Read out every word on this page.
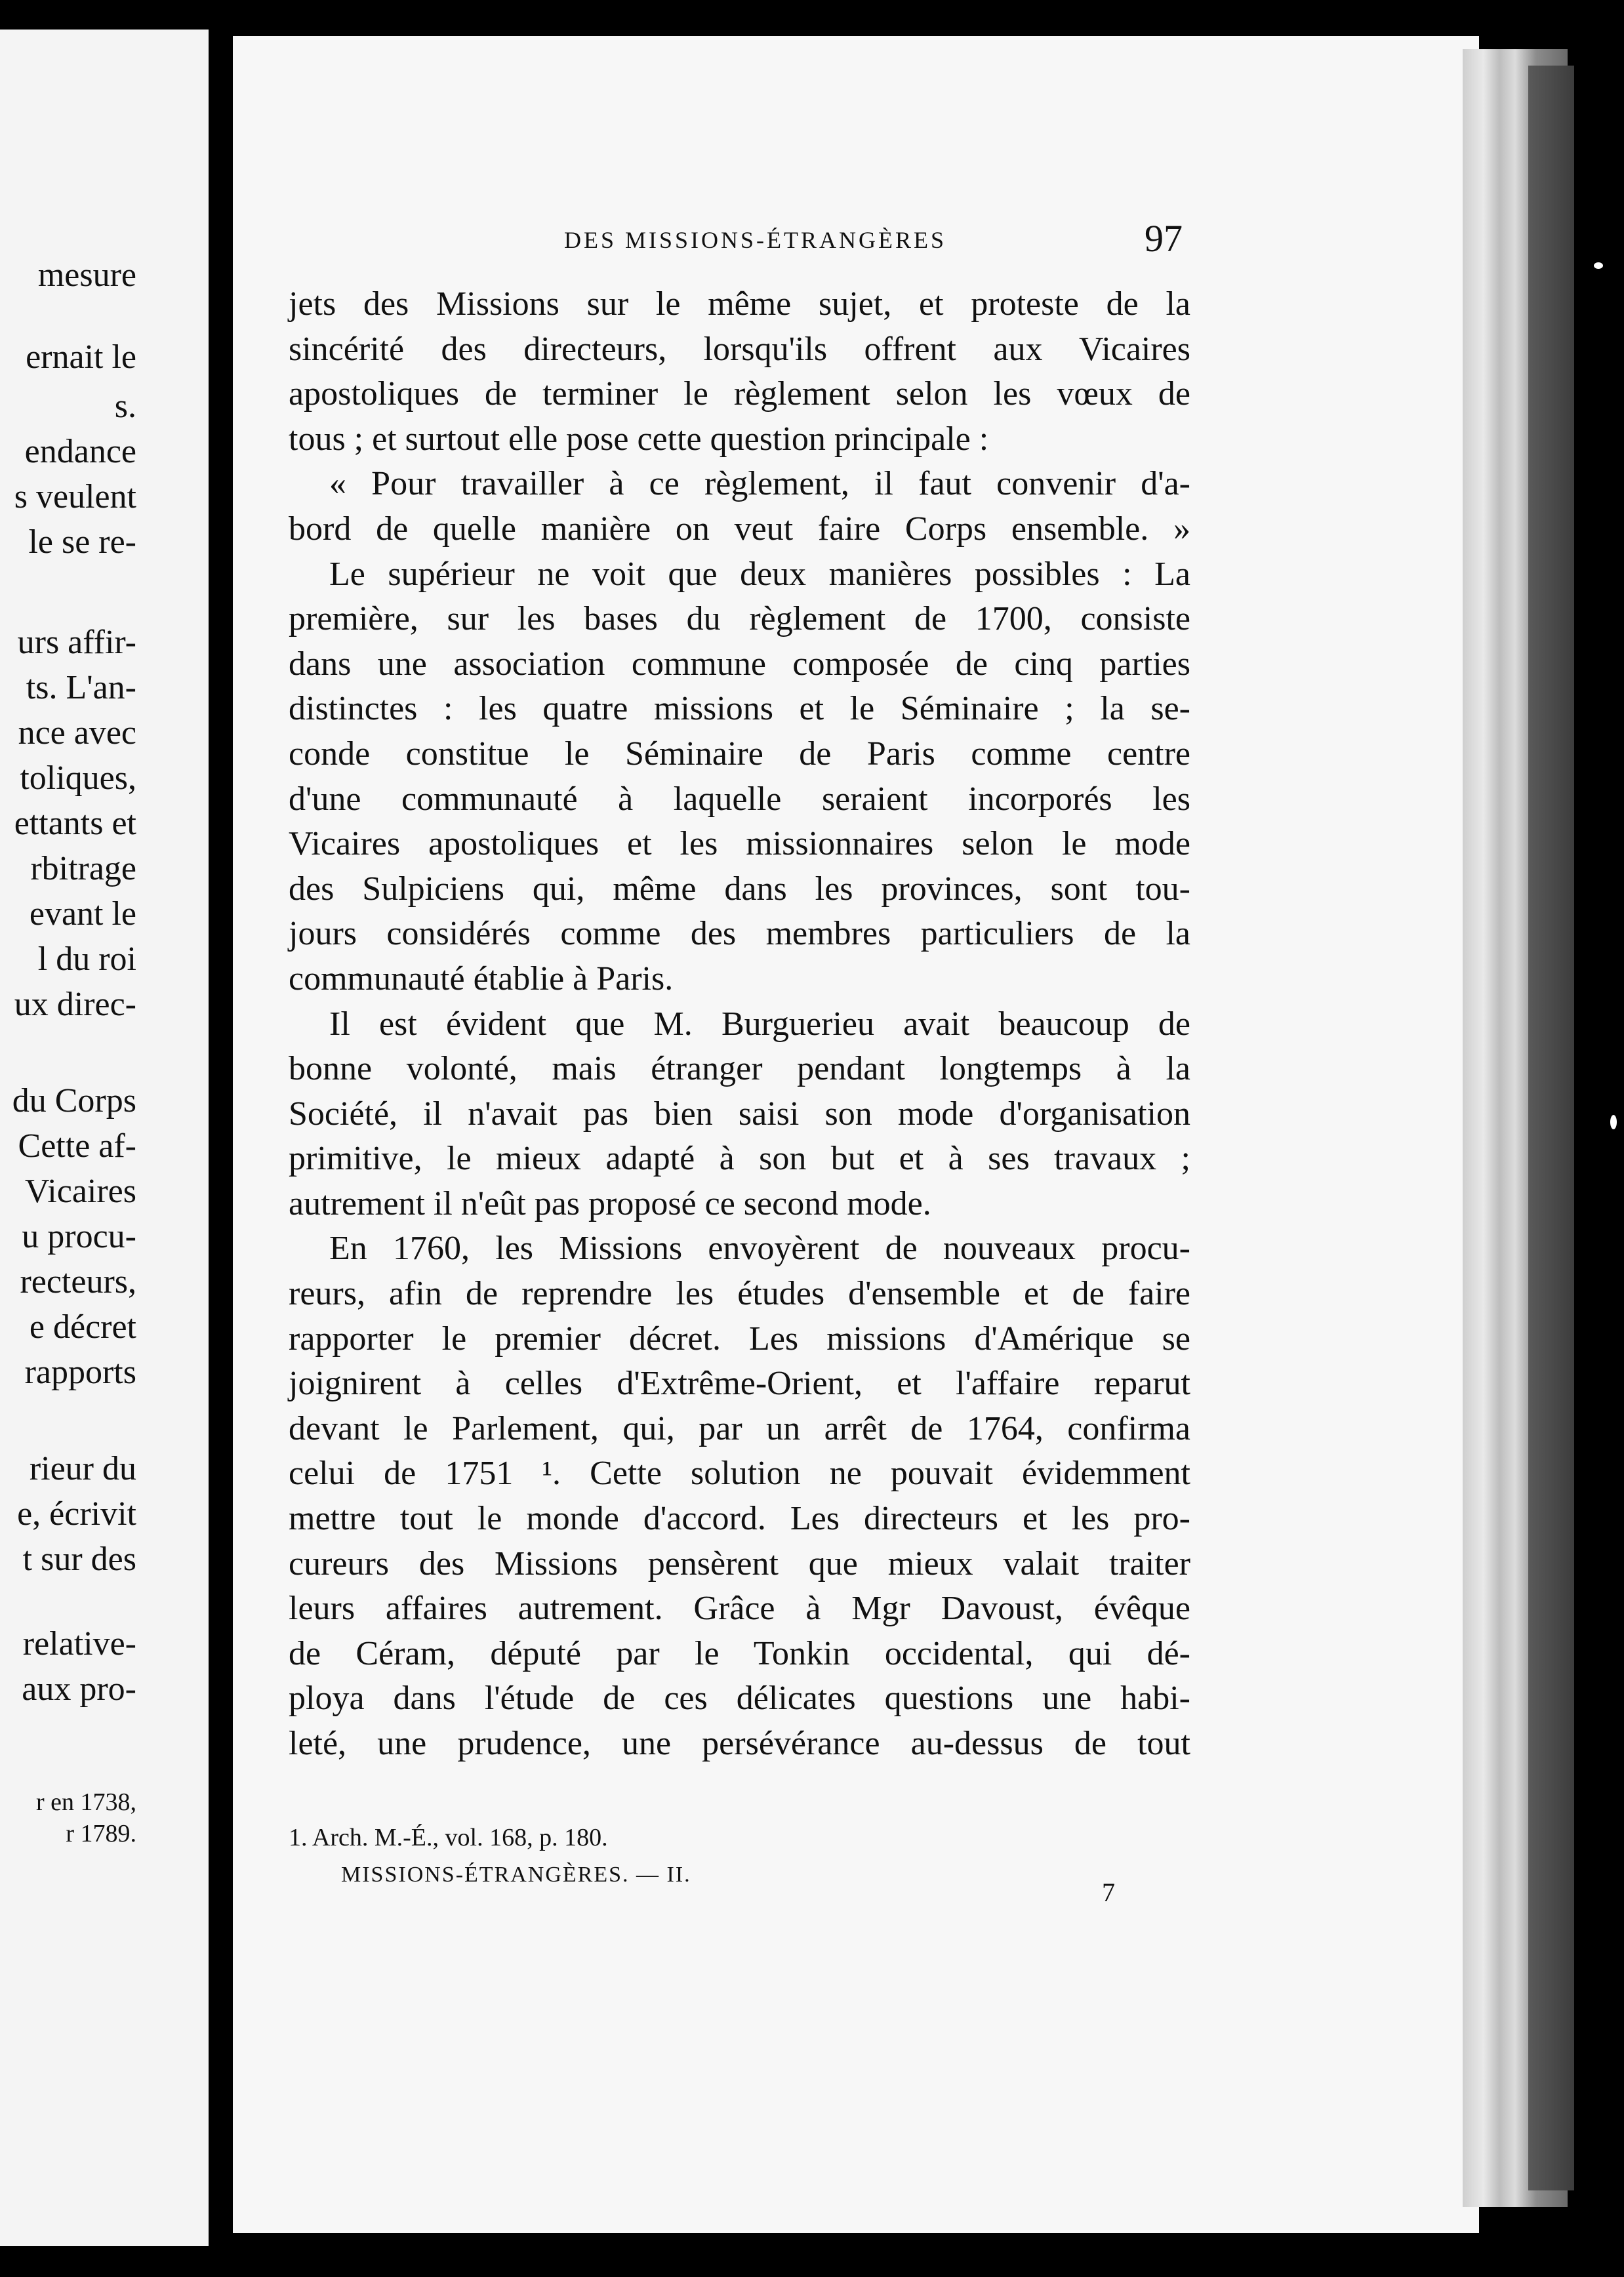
mesure
ernait le
s.
endance
s veulent
le se re-
urs affir-
ts. L'an-
nce avec
toliques,
ettants et
rbitrage
evant le
l du roi
ux direc-
du Corps
Cette af-
Vicaires
u procu-
recteurs,
e décret
rapports
rieur du
e, écrivit
t sur des
relative-
aux pro-
r en 1738,
r 1789.
DES MISSIONS-ÉTRANGÈRES	97
jets des Missions sur le même sujet, et proteste de la
sincérité des directeurs, lorsqu'ils offrent aux Vicaires
apostoliques de terminer le règlement selon les vœux de
tous ; et surtout elle pose cette question principale :
« Pour travailler à ce règlement, il faut convenir d'a-
bord de quelle manière on veut faire Corps ensemble. »
Le supérieur ne voit que deux manières possibles : La
première, sur les bases du règlement de 1700, consiste
dans une association commune composée de cinq parties
distinctes : les quatre missions et le Séminaire ; la se-
conde constitue le Séminaire de Paris comme centre
d'une communauté à laquelle seraient incorporés les
Vicaires apostoliques et les missionnaires selon le mode
des Sulpiciens qui, même dans les provinces, sont tou-
jours considérés comme des membres particuliers de la
communauté établie à Paris.
Il est évident que M. Burguerieu avait beaucoup de
bonne volonté, mais étranger pendant longtemps à la
Société, il n'avait pas bien saisi son mode d'organisation
primitive, le mieux adapté à son but et à ses travaux ;
autrement il n'eût pas proposé ce second mode.
En 1760, les Missions envoyèrent de nouveaux procu-
reurs, afin de reprendre les études d'ensemble et de faire
rapporter le premier décret. Les missions d'Amérique se
joignirent à celles d'Extrême-Orient, et l'affaire reparut
devant le Parlement, qui, par un arrêt de 1764, confirma
celui de 1751 ¹. Cette solution ne pouvait évidemment
mettre tout le monde d'accord. Les directeurs et les pro-
cureurs des Missions pensèrent que mieux valait traiter
leurs affaires autrement. Grâce à Mgr Davoust, évêque
de Céram, député par le Tonkin occidental, qui dé-
ploya dans l'étude de ces délicates questions une habi-
leté, une prudence, une persévérance au-dessus de tout
1. Arch. M.-É., vol. 168, p. 180.
MISSIONS-ÉTRANGÈRES. — II.
7
